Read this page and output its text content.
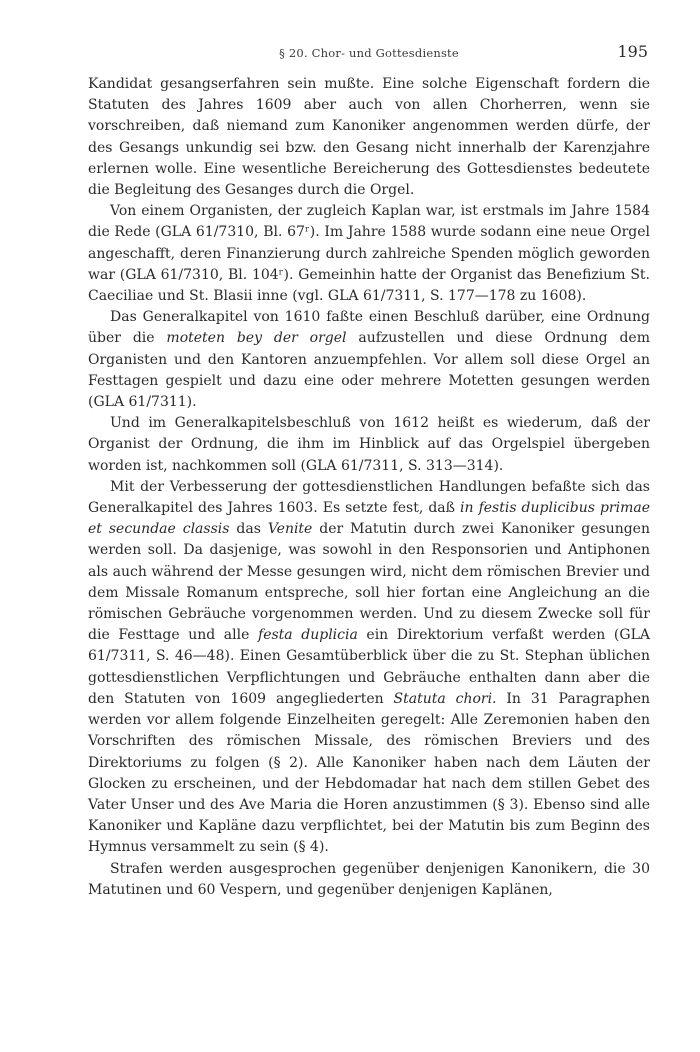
§ 20. Chor- und Gottesdienste	195

Kandidat gesangserfahren sein mußte. Eine solche Eigenschaft fordern die Statuten des Jahres 1609 aber auch von allen Chorherren, wenn sie vorschreiben, daß niemand zum Kanoniker angenommen werden dürfe, der des Gesangs unkundig sei bzw. den Gesang nicht innerhalb der Karenzjahre erlernen wolle. Eine wesentliche Bereicherung des Gottesdienstes bedeutete die Begleitung des Gesanges durch die Orgel.

Von einem Organisten, der zugleich Kaplan war, ist erstmals im Jahre 1584 die Rede (GLA 61/7310, Bl. 67ʳ). Im Jahre 1588 wurde sodann eine neue Orgel angeschafft, deren Finanzierung durch zahlreiche Spenden möglich geworden war (GLA 61/7310, Bl. 104ʳ). Gemeinhin hatte der Organist das Benefizium St. Caeciliae und St. Blasii inne (vgl. GLA 61/7311, S. 177—178 zu 1608).

Das Generalkapitel von 1610 faßte einen Beschluß darüber, eine Ordnung über die moteten bey der orgel aufzustellen und diese Ordnung dem Organisten und den Kantoren anzuempfehlen. Vor allem soll diese Orgel an Festtagen gespielt und dazu eine oder mehrere Motetten gesungen werden (GLA 61/7311).

Und im Generalkapitelsbeschluß von 1612 heißt es wiederum, daß der Organist der Ordnung, die ihm im Hinblick auf das Orgelspiel übergeben worden ist, nachkommen soll (GLA 61/7311, S. 313—314).

Mit der Verbesserung der gottesdienstlichen Handlungen befaßte sich das Generalkapitel des Jahres 1603. Es setzte fest, daß in festis duplicibus primae et secundae classis das Venite der Matutin durch zwei Kanoniker gesungen werden soll. Da dasjenige, was sowohl in den Responsorien und Antiphonen als auch während der Messe gesungen wird, nicht dem römischen Brevier und dem Missale Romanum entspreche, soll hier fortan eine Angleichung an die römischen Gebräuche vorgenommen werden. Und zu diesem Zwecke soll für die Festtage und alle festa duplicia ein Direktorium verfaßt werden (GLA 61/7311, S. 46—48). Einen Gesamtüberblick über die zu St. Stephan üblichen gottesdienstlichen Verpflichtungen und Gebräuche enthalten dann aber die den Statuten von 1609 angegliederten Statuta chori. In 31 Paragraphen werden vor allem folgende Einzelheiten geregelt: Alle Zeremonien haben den Vorschriften des römischen Missale, des römischen Breviers und des Direktoriums zu folgen (§ 2). Alle Kanoniker haben nach dem Läuten der Glocken zu erscheinen, und der Hebdomadar hat nach dem stillen Gebet des Vater Unser und des Ave Maria die Horen anzustimmen (§ 3). Ebenso sind alle Kanoniker und Kapläne dazu verpflichtet, bei der Matutin bis zum Beginn des Hymnus versammelt zu sein (§ 4).

Strafen werden ausgesprochen gegenüber denjenigen Kanonikern, die 30 Matutinen und 60 Vespern, und gegenüber denjenigen Kaplänen,
